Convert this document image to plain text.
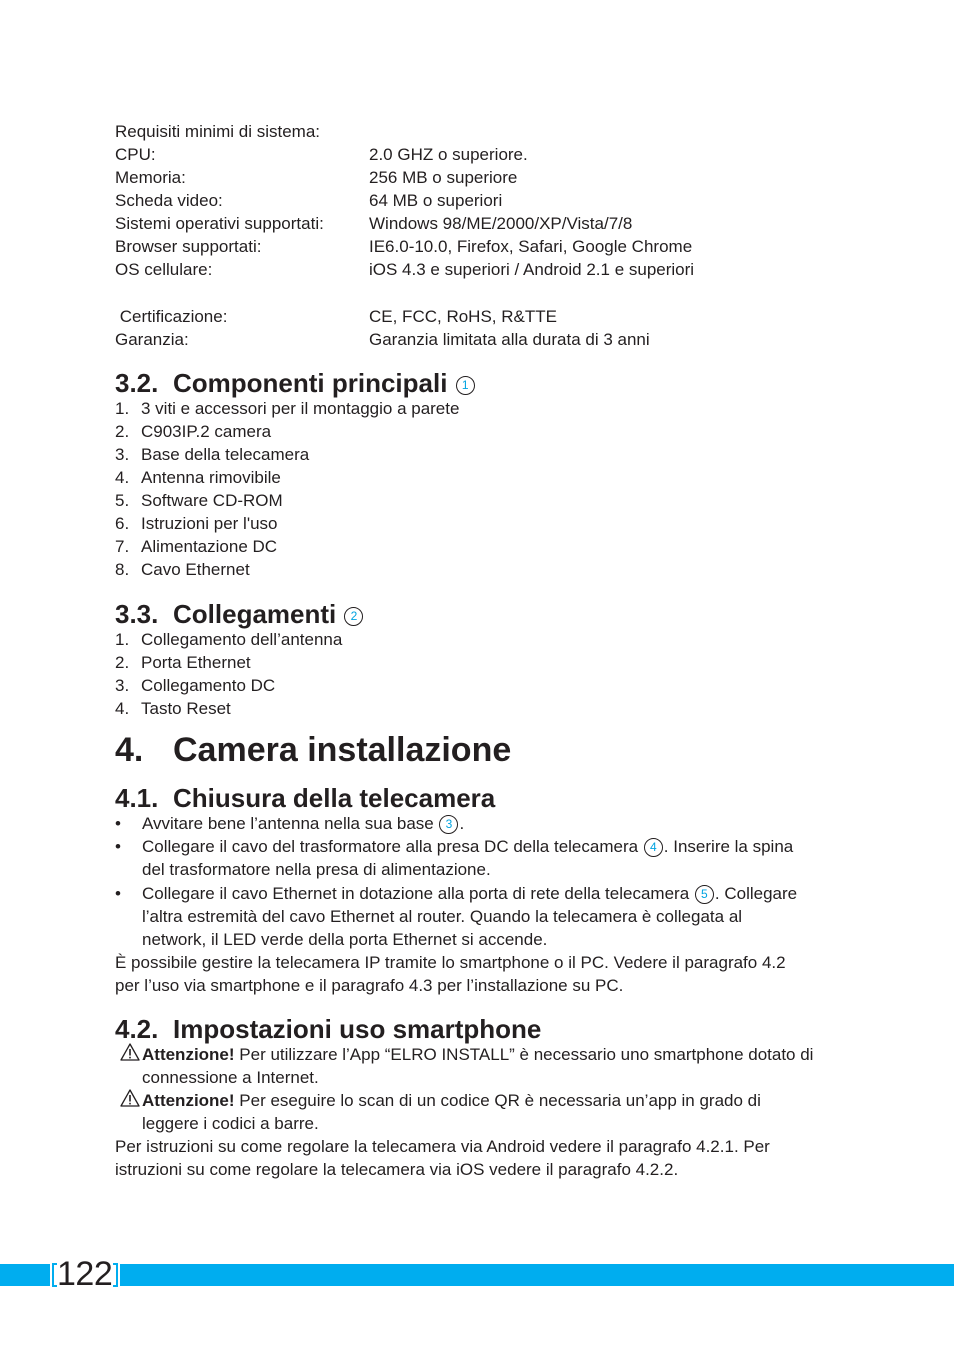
Requisiti minimi di sistema:
CPU:	2.0 GHZ o superiore.
Memoria:	256 MB o superiore
Scheda video:	64 MB o superiori
Sistemi operativi supportati:	Windows 98/ME/2000/XP/Vista/7/8
Browser supportati:	IE6.0-10.0, Firefox, Safari, Google Chrome
OS cellulare:	iOS 4.3 e superiori / Android 2.1 e superiori
Certificazione:	CE, FCC, RoHS, R&TTE
Garanzia:	Garanzia limitata alla durata di 3 anni
3.2. Componenti principali 1
1. 3 viti e accessori per il montaggio a parete
2. C903IP.2 camera
3. Base della telecamera
4. Antenna rimovibile
5. Software CD-ROM
6. Istruzioni per l'uso
7. Alimentazione DC
8. Cavo Ethernet
3.3. Collegamenti 2
1. Collegamento dell’antenna
2. Porta Ethernet
3. Collegamento DC
4. Tasto Reset
4. Camera installazione
4.1. Chiusura della telecamera
• Avvitare bene l’antenna nella sua base 3 .
• Collegare il cavo del trasformatore alla presa DC della telecamera 4 . Inserire la spina
del trasformatore nella presa di alimentazione.
• Collegare il cavo Ethernet in dotazione alla porta di rete della telecamera 5 . Collegare
l’altra estremità del cavo Ethernet al router. Quando la telecamera è collegata al
network, il LED verde della porta Ethernet si accende.
È possibile gestire la telecamera IP tramite lo smartphone o il PC. Vedere il paragrafo 4.2
per l’uso via smartphone e il paragrafo 4.3 per l’installazione su PC.
4.2. Impostazioni uso smartphone
Attenzione! Per utilizzare l’App “ELRO INSTALL” è necessario uno smartphone dotato di
connessione a Internet.
Attenzione! Per eseguire lo scan di un codice QR è necessaria un’app in grado di
leggere i codici a barre.
Per istruzioni su come regolare la telecamera via Android vedere il paragrafo 4.2.1. Per
istruzioni su come regolare la telecamera via iOS vedere il paragrafo 4.2.2.
122
